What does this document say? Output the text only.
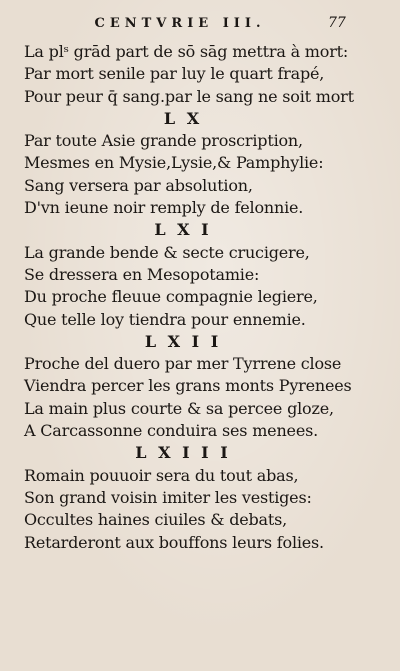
CENTVRIE III.	77
La plˢ grād part de sō sāg mettra à mort:
Par mort senile par luy le quart frapé,
Pour peur q̄ sang.par le sang ne soit mort
L X
Par toute Asie grande proscription,
Mesmes en Mysie,Lysie,& Pamphylie:
Sang versera par absolution,
D'vn ieune noir remply de felonnie.
L X I
La grande bende & secte crucigere,
Se dressera en Mesopotamie:
Du proche fleuue compagnie legiere,
Que telle loy tiendra pour ennemie.
L X I I
Proche del duero par mer Tyrrene close
Viendra percer les grans monts Pyrenees
La main plus courte & sa percee gloze,
A Carcassonne conduira ses menees.
L X I I I
Romain pouuoir sera du tout abas,
Son grand voisin imiter les vestiges:
Occultes haines ciuiles & debats,
Retarderont aux bouffons leurs folies.
